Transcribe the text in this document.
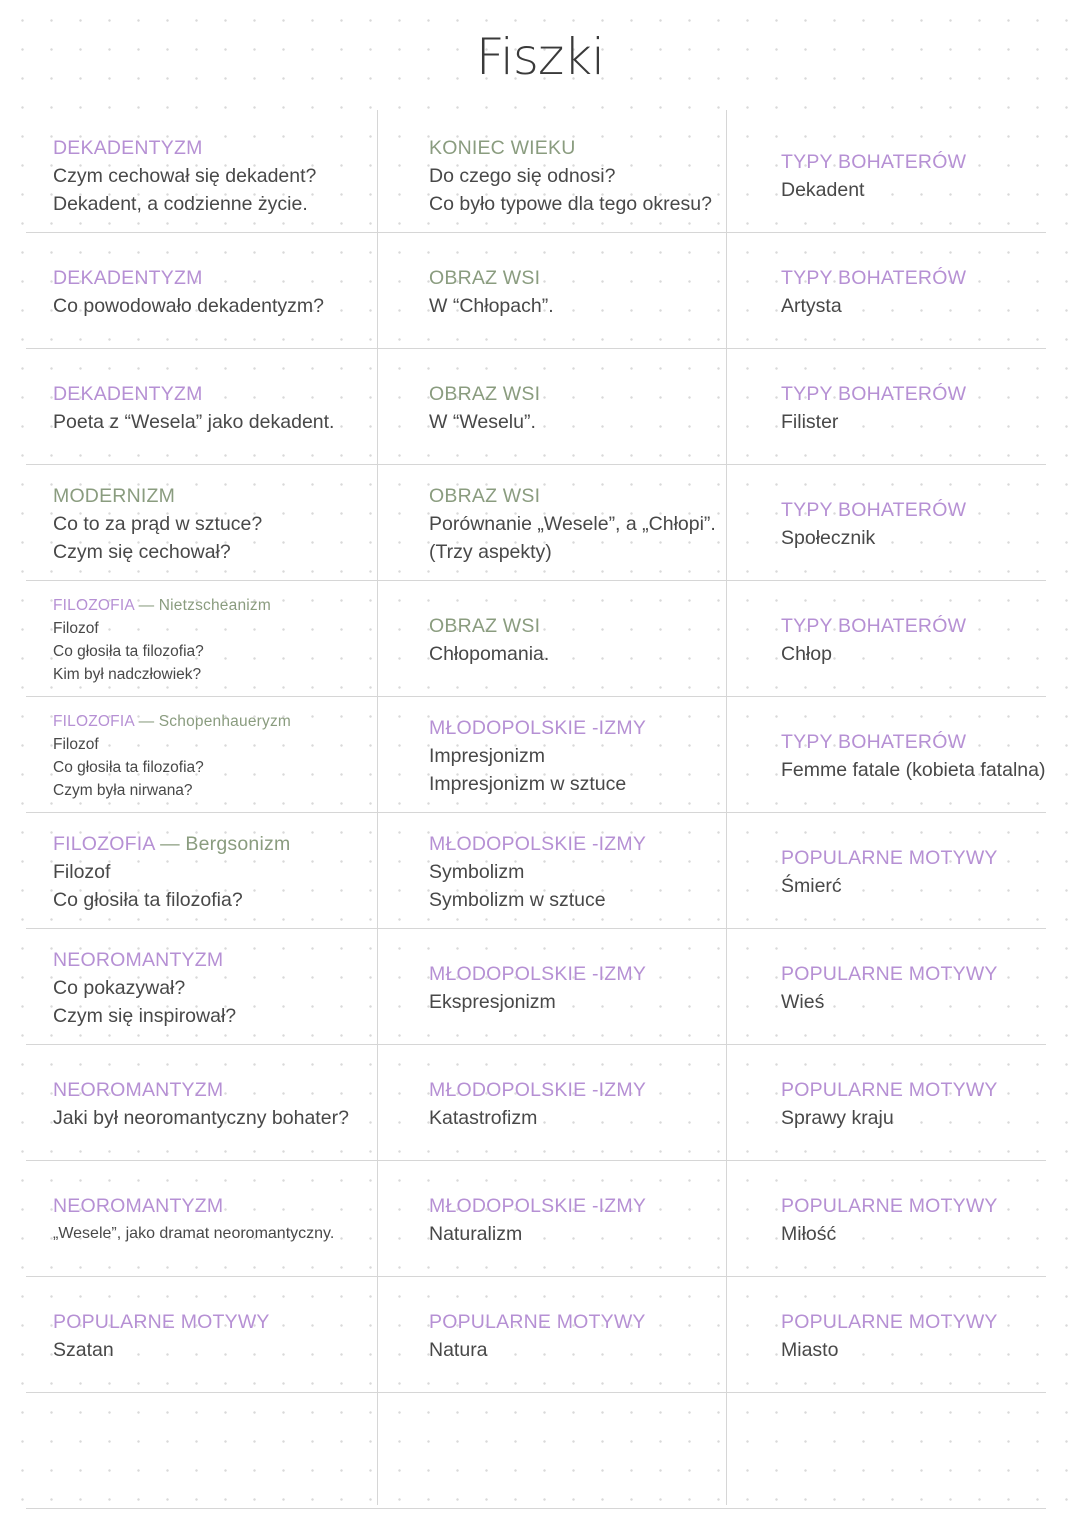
Fiszki
DEKADENTYZM
Czym cechował się dekadent?
Dekadent, a codzienne życie.
KONIEC WIEKU
Do czego się odnosi?
Co było typowe dla tego okresu?
TYPY BOHATERÓW
Dekadent
DEKADENTYZM
Co powodowało dekadentyzm?
OBRAZ WSI
W “Chłopach”.
TYPY BOHATERÓW
Artysta
DEKADENTYZM
Poeta z “Wesela” jako dekadent.
OBRAZ WSI
W “Weselu”.
TYPY BOHATERÓW
Filister
MODERNIZM
Co to za prąd w sztuce?
Czym się cechował?
OBRAZ WSI
Porównanie „Wesele”, a „Chłopi”.
(Trzy aspekty)
TYPY BOHATERÓW
Społecznik
FILOZOFIA — Nietzscheanizm
Filozof
Co głosiła ta filozofia?
Kim był nadczłowiek?
OBRAZ WSI
Chłopomania.
TYPY BOHATERÓW
Chłop
FILOZOFIA — Schopenhaueryzm
Filozof
Co głosiła ta filozofia?
Czym była nirwana?
MŁODOPOLSKIE -IZMY
Impresjonizm
Impresjonizm w sztuce
TYPY BOHATERÓW
Femme fatale (kobieta fatalna)
FILOZOFIA — Bergsonizm
Filozof
Co głosiła ta filozofia?
MŁODOPOLSKIE -IZMY
Symbolizm
Symbolizm w sztuce
POPULARNE MOTYWY
Śmierć
NEOROMANTYZM
Co pokazywał?
Czym się inspirował?
MŁODOPOLSKIE -IZMY
Ekspresjonizm
POPULARNE MOTYWY
Wieś
NEOROMANTYZM
Jaki był neoromantyczny bohater?
MŁODOPOLSKIE -IZMY
Katastrofizm
POPULARNE MOTYWY
Sprawy kraju
NEOROMANTYZM
„Wesele”, jako dramat neoromantyczny.
MŁODOPOLSKIE -IZMY
Naturalizm
POPULARNE MOTYWY
Miłość
POPULARNE MOTYWY
Szatan
POPULARNE MOTYWY
Natura
POPULARNE MOTYWY
Miasto
